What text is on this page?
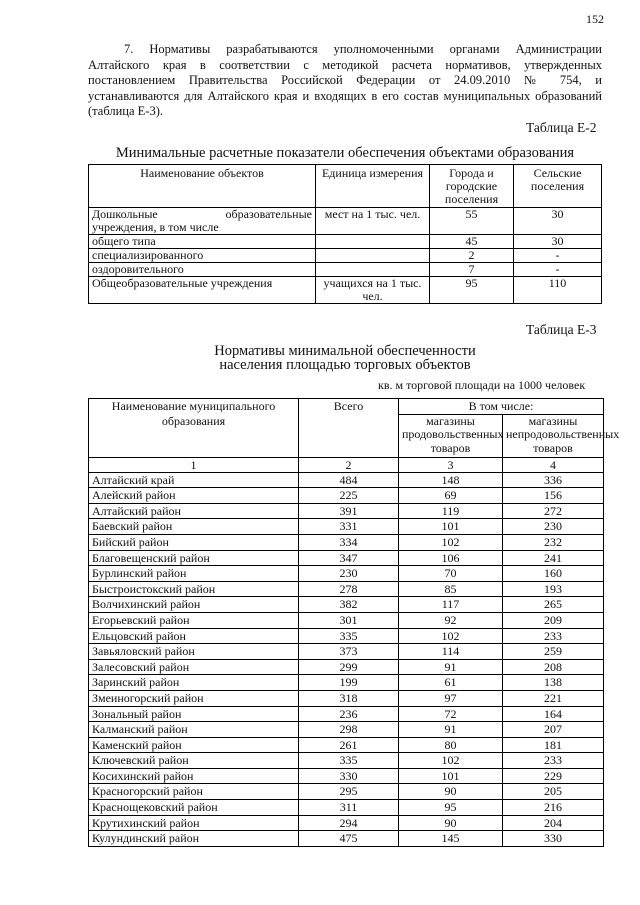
152

7. Нормативы разрабатываются уполномоченными органами Администрации Алтайского края в соответствии с методикой расчета нормативов, утвержденных постановлением Правительства Российской Федерации от 24.09.2010 № 754, и устанавливаются для Алтайского края и входящих в его состав муниципальных образований (таблица Е-3).

Таблица Е-2
Минимальные расчетные показатели обеспечения объектами образования
Наименование объектов	Единица измерения	Города и городские поселения	Сельские поселения
Дошкольные образовательные учреждения, в том числе	мест на 1 тыс. чел.	55	30
общего типа		45	30
специализированного		2	-
оздоровительного		7	-
Общеобразовательные учреждения	учащихся на 1 тыс. чел.	95	110
Таблица Е-3
Нормативы минимальной обеспеченности
населения площадью торговых объектов
кв. м торговой площади на 1000 человек
Наименование муниципального образования	Всего	В том числе:	
		магазины продовольственных товаров	магазины непродовольственных товаров
1	2	3	4
Алтайский край	484	148	336
Алейский район	225	69	156
Алтайский район	391	119	272
Баевский район	331	101	230
Бийский район	334	102	232
Благовещенский район	347	106	241
Бурлинский район	230	70	160
Быстроистокский район	278	85	193
Волчихинский район	382	117	265
Егорьевский район	301	92	209
Ельцовский район	335	102	233
Завьяловский район	373	114	259
Залесовский район	299	91	208
Заринский район	199	61	138
Змеиногорский район	318	97	221
Зональный район	236	72	164
Калманский район	298	91	207
Каменский район	261	80	181
Ключевский район	335	102	233
Косихинский район	330	101	229
Красногорский район	295	90	205
Краснощековский район	311	95	216
Крутихинский район	294	90	204
Кулундинский район	475	145	330
